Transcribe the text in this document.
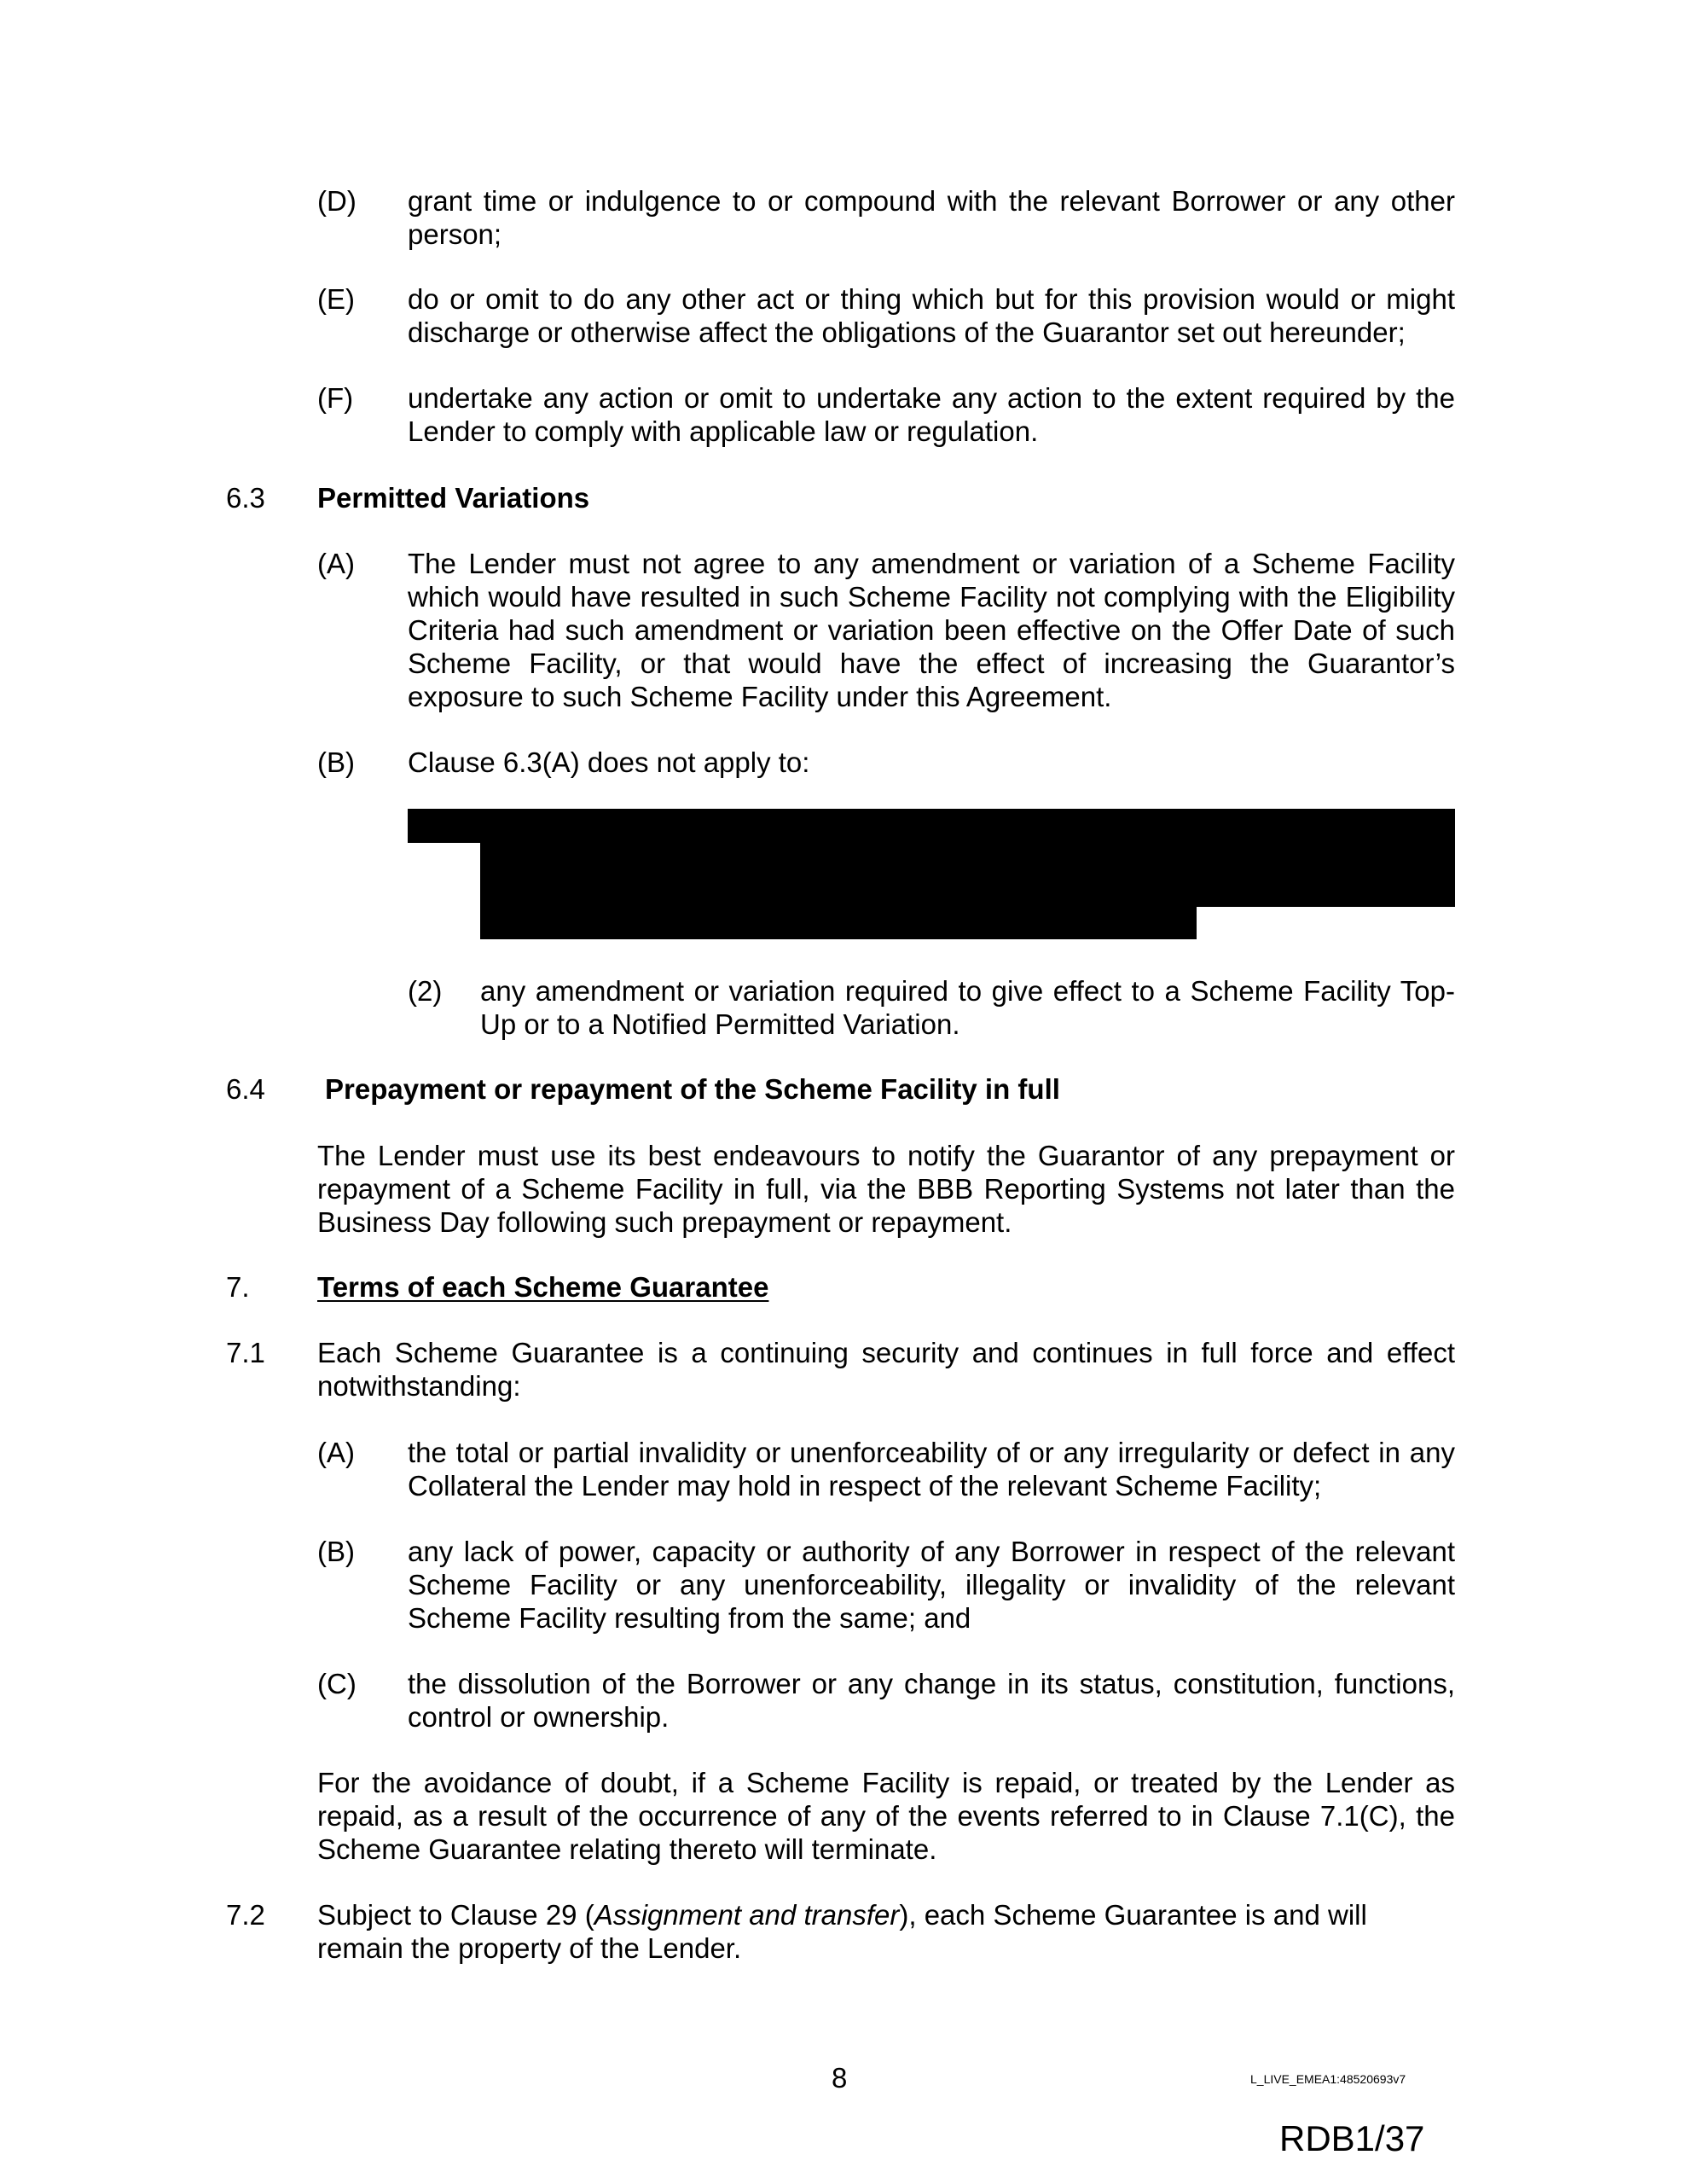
(D) grant time or indulgence to or compound with the relevant Borrower or any other person;
(E) do or omit to do any other act or thing which but for this provision would or might discharge or otherwise affect the obligations of the Guarantor set out hereunder;
(F) undertake any action or omit to undertake any action to the extent required by the Lender to comply with applicable law or regulation.
6.3 Permitted Variations
(A) The Lender must not agree to any amendment or variation of a Scheme Facility which would have resulted in such Scheme Facility not complying with the Eligibility Criteria had such amendment or variation been effective on the Offer Date of such Scheme Facility, or that would have the effect of increasing the Guarantor’s exposure to such Scheme Facility under this Agreement.
(B) Clause 6.3(A) does not apply to:
(2) any amendment or variation required to give effect to a Scheme Facility Top-Up or to a Notified Permitted Variation.
6.4 Prepayment or repayment of the Scheme Facility in full
The Lender must use its best endeavours to notify the Guarantor of any prepayment or repayment of a Scheme Facility in full, via the BBB Reporting Systems not later than the Business Day following such prepayment or repayment.
7. Terms of each Scheme Guarantee
7.1 Each Scheme Guarantee is a continuing security and continues in full force and effect notwithstanding:
(A) the total or partial invalidity or unenforceability of or any irregularity or defect in any Collateral the Lender may hold in respect of the relevant Scheme Facility;
(B) any lack of power, capacity or authority of any Borrower in respect of the relevant Scheme Facility or any unenforceability, illegality or invalidity of the relevant Scheme Facility resulting from the same; and
(C) the dissolution of the Borrower or any change in its status, constitution, functions, control or ownership.
For the avoidance of doubt, if a Scheme Facility is repaid, or treated by the Lender as repaid, as a result of the occurrence of any of the events referred to in Clause 7.1(C), the Scheme Guarantee relating thereto will terminate.
7.2 Subject to Clause 29 (Assignment and transfer), each Scheme Guarantee is and will remain the property of the Lender.
8	L_LIVE_EMEA1:48520693v7
RDB1/37
